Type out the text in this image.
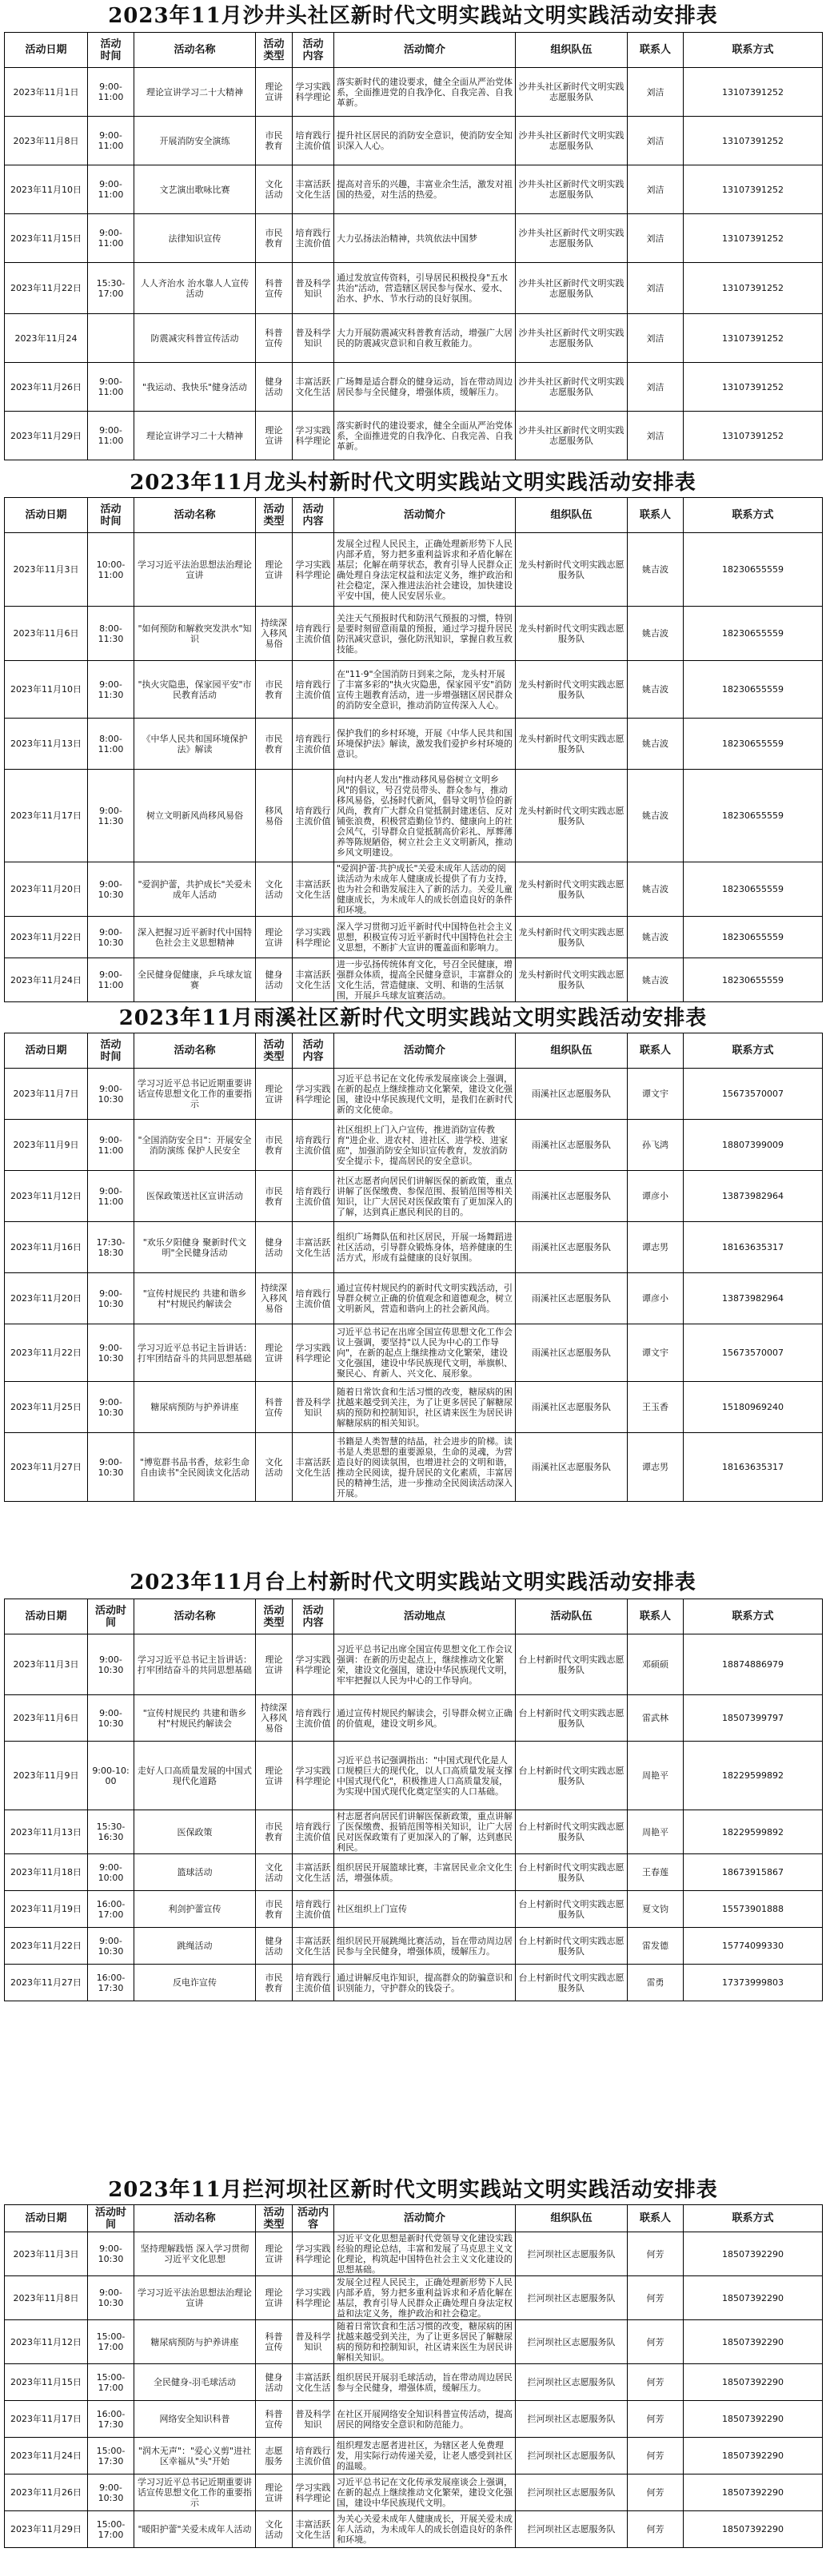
2023年11月沙井头社区新时代文明实践站文明实践活动安排表
活动日期	活动
时间	活动名称	活动
类型	活动
内容	活动简介	组织队伍	联系人	联系方式
2023年11月1日	9:00-
11:00	理论宣讲学习二十大精神	理论
宣讲	学习实践科学理论	落实新时代的建设要求，健全全面从严治党体系，全面推进党的自我净化、自我完善、自我革新。	沙井头社区新时代文明实践志愿服务队	刘洁	13107391252
2023年11月8日	9:00-
11:00	开展消防安全演练	市民
教育	培育践行主流价值	提升社区居民的消防安全意识，使消防安全知识深入人心。	沙井头社区新时代文明实践志愿服务队	刘洁	13107391252
2023年11月10日	9:00-
11:00	文艺演出歌咏比赛	文化
活动	丰富活跃文化生活	提高对音乐的兴趣，丰富业余生活，激发对祖国的热爱，对生活的热爱。	沙井头社区新时代文明实践志愿服务队	刘洁	13107391252
2023年11月15日	9:00-
11:00	法律知识宣传	市民
教育	培育践行主流价值	大力弘扬法治精神，共筑依法中国梦	沙井头社区新时代文明实践志愿服务队	刘洁	13107391252
2023年11月22日	15:30-
17:00	人人齐治水 治水靠人人宣传活动	科普
宣传	普及科学知识	通过发放宣传资料，引导居民积极投身"五水共治"活动，营造辖区居民参与保水、爱水、治水、护水、节水行动的良好氛围。	沙井头社区新时代文明实践志愿服务队	刘洁	13107391252
2023年11月24		防震减灾科普宣传活动	科普
宣传	普及科学知识	大力开展防震减灾科普教育活动，增强广大居民的防震减灾意识和自救互救能力。	沙井头社区新时代文明实践志愿服务队	刘洁	13107391252
2023年11月26日	9:00-
11:00	"我运动、我快乐"健身活动	健身
活动	丰富活跃文化生活	广场舞是适合群众的健身运动，旨在带动周边居民参与全民健身，增强体质，缓解压力。	沙井头社区新时代文明实践志愿服务队	刘洁	13107391252
2023年11月29日	9:00-
11:00	理论宣讲学习二十大精神	理论
宣讲	学习实践科学理论	落实新时代的建设要求，健全全面从严治党体系，全面推进党的自我净化、自我完善、自我革新。	沙井头社区新时代文明实践志愿服务队	刘洁	13107391252
2023年11月龙头村新时代文明实践站文明实践活动安排表
活动日期	活动
时间	活动名称	活动
类型	活动
内容	活动简介	组织队伍	联系人	联系方式
2023年11月3日	10:00-
11:00	学习习近平法治思想法治理论宣讲	理论
宣讲	学习实践科学理论	发展全过程人民民主，正确处理新形势下人民内部矛盾，努力把多重利益诉求和矛盾化解在基层；化解在萌芽状态，教育引导人民群众正确处理自身法定权益和法定义务，维护政治和社会稳定，深入推进法治社会建设，加快建设平安中国，使人民安居乐业。	龙头村新时代文明实践志愿服务队	姚吉波	18230655559
2023年11月6日	8:00-
11:30	"如何预防和解救突发洪水"知识	持续深入移风易俗	培育践行主流价值	关注天气预报时代和防汛气预报的习惯，特别是要时刻留意雨量的预报，通过学习提升居民防汛减灾意识，强化防汛知识，掌握自救互救技能。	龙头村新时代文明实践志愿服务队	姚吉波	18230655559
2023年11月10日	9:00-
11:30	"执火灾隐患，保家园平安"市民教育活动	市民
教育	培育践行主流价值	在"11·9"全国消防日到来之际，龙头村开展了丰富多彩的"执火灾隐患，保家园平安"消防宣传主题教育活动，进一步增强辖区居民群众的消防安全意识，推动消防宣传深入人心。	龙头村新时代文明实践志愿服务队	姚吉波	18230655559
2023年11月13日	8:00-
11:00	《中华人民共和国环境保护法》解读	市民
教育	培育践行主流价值	保护我们的乡村环境，开展《中华人民共和国环境保护法》解读，激发我们爱护乡村环境的意识。	龙头村新时代文明实践志愿服务队	姚吉波	18230655559
2023年11月17日	9:00-
11:30	树立文明新风尚移风易俗	移风
易俗	培育践行主流价值	向村内老人发出"推动移风易俗树立文明乡风"的倡议，号召党员带头、群众参与，推动移风易俗，弘扬时代新风，倡导文明节俭的新风尚，教育广大群众自觉抵制封建迷信、反对铺张浪费，积极营造勤俭节约、健康向上的社会风气，引导群众自觉抵制高价彩礼、厚葬薄养等陈规陋俗，树立社会主义文明新风，推动乡风文明建设。	龙头村新时代文明实践志愿服务队	姚吉波	18230655559
2023年11月20日	9:00-
10:30	"爱润护蕾，共护成长"关爱未成年人活动	文化
活动	丰富活跃文化生活	"爱润护蕾·共护成长"关爱未成年人活动的阅读活动为未成年人健康成长提供了有力支持，也为社会和谐发展注入了新的活力。关爱儿童健康成长，为未成年人的成长创造良好的条件和环境。	龙头村新时代文明实践志愿服务队	姚吉波	18230655559
2023年11月22日	9:00-
10:30	深入把握习近平新时代中国特色社会主义思想精神	理论
宣讲	学习实践科学理论	深入学习贯彻习近平新时代中国特色社会主义思想，积极宣传习近平新时代中国特色社会主义思想，不断扩大宣讲的覆盖面和影响力。	龙头村新时代文明实践志愿服务队	姚吉波	18230655559
2023年11月24日	9:00-
11:00	全民健身促健康，乒乓球友谊赛	健身
活动	丰富活跃文化生活	进一步弘扬传统体育文化，号召全民健康，增强群众体质，提高全民健身意识，丰富群众的文化生活，营造健康、文明、和谐的生活氛围，开展乒乓球友谊赛活动。	龙头村新时代文明实践志愿服务队	姚吉波	18230655559
2023年11月雨溪社区新时代文明实践站文明实践活动安排表
活动日期	活动
时间	活动名称	活动
类型	活动
内容	活动简介	组织队伍	联系人	联系方式
2023年11月7日	9:00-
10:30	学习习近平总书记近期重要讲话宣传思想文化工作的重要指示	理论
宣讲	学习实践科学理论	习近平总书记在文化传承发展座谈会上强调，在新的起点上继续推动文化繁荣，建设文化强国，建设中华民族现代文明，是我们在新时代新的文化使命。	雨溪社区志愿服务队	谭文宇	15673570007
2023年11月9日	9:00-
11:00	"全国消防安全日"：开展安全消防演练 保护人民安全	市民
教育	培育践行主流价值	社区组织上门入户宣传，推进消防宣传教育"进企业、进农村、进社区、进学校、进家庭"，加强消防安全知识宣传教育，发放消防安全提示卡，提高居民的安全意识。	雨溪社区志愿服务队	孙飞鸿	18807399009
2023年11月12日	9:00-
11:00	医保政策送社区宣讲活动	市民
教育	培育践行主流价值	社区志愿者向居民们讲解医保的新政策，重点讲解了医保缴费、参保范围、报销范围等相关知识，让广大居民对医保政策有了更加深入的了解，达到真正惠民利民的目的。	雨溪社区志愿服务队	谭彦小	13873982964
2023年11月16日	17:30-
18:30	"欢乐夕阳健身 聚新时代文明"全民健身活动	健身
活动	丰富活跃文化生活	组织广场舞队伍和社区居民，开展一场舞蹈进社区活动，引导群众锻炼身体，培养健康的生活方式，形成有益健康的良好氛围。	雨溪社区志愿服务队	谭志男	18163635317
2023年11月20日	9:00-
10:30	"宣传村规民约 共建和谐乡村"村规民约解读会	持续深入移风易俗	培育践行主流价值	通过宣传村规民约的新时代文明实践活动，引导群众树立正确的价值观念和道德观念，树立文明新风，营造和谐向上的社会新风尚。	雨溪社区志愿服务队	谭彦小	13873982964
2023年11月22日	9:00-
10:30	学习习近平总书记主旨讲话：打牢团结奋斗的共同思想基础	理论
宣讲	学习实践科学理论	习近平总书记在出席全国宣传思想文化工作会议上强调，要坚持"以人民为中心的工作导向"，在新的起点上继续推动文化繁荣，建设文化强国，建设中华民族现代文明，举旗帜、聚民心、育新人、兴文化、展形象。	雨溪社区志愿服务队	谭文宇	15673570007
2023年11月25日	9:00-
10:30	糖尿病预防与护养讲座	科普
宣传	普及科学知识	随着日常饮食和生活习惯的改变，糖尿病的困扰越来越受到关注，为了让更多居民了解糖尿病的预防和控制知识，社区请来医生为居民讲解糖尿病的相关知识。	雨溪社区志愿服务队	王玉香	15180969240
2023年11月27日	9:00-
10:30	"博览群书品书香，炫彩生命自由读书"全民阅读文化活动	文化
活动	丰富活跃文化生活	书籍是人类智慧的结晶，社会进步的阶梯。读书是人类思想的重要源泉，生命的灵魂，为营造良好的阅读氛围，也增进社会的文明和谐，推动全民阅读，提升居民的文化素质，丰富居民的精神生活，进一步推动全民阅读活动深入开展。	雨溪社区志愿服务队	谭志男	18163635317
2023年11月台上村新时代文明实践站文明实践活动安排表
活动日期	活动时间	活动名称	活动
类型	活动
内容	活动地点	活动队伍	联系人	联系方式
2023年11月3日	9:00-
10:30	学习习近平总书记主旨讲话：打牢团结奋斗的共同思想基础	理论
宣讲	学习实践科学理论	习近平总书记出席全国宣传思想文化工作会议强调：在新的历史起点上，继续推动文化繁荣，建设文化强国，建设中华民族现代文明，牢牢把握以人民为中心的工作导向。	台上村新时代文明实践志愿服务队	邓硕硕	18874886979
2023年11月6日	9:00-
10:30	"宣传村规民约 共建和谐乡村"村规民约解读会	持续深入移风易俗	培育践行主流价值	通过宣传村规民约解读会，引导群众树立正确的价值观，建设文明乡风。	台上村新时代文明实践志愿服务队	雷武林	18507399797
2023年11月9日	9:00-10:00	走好人口高质量发展的中国式现代化道路	理论
宣讲	学习实践科学理论	习近平总书记强调指出："中国式现代化是人口规模巨大的现代化，以人口高质量发展支撑中国式现代化"，积极推进人口高质量发展，为实现中国式现代化奠定坚实的人口基础。	台上村新时代文明实践志愿服务队	周艳平	18229599892
2023年11月13日	15:30-
16:30	医保政策	市民
教育	培育践行主流价值	村志愿者向居民们讲解医保新政策，重点讲解了医保缴费、报销范围等相关知识，让广大居民对医保政策有了更加深入的了解，达到惠民利民。	台上村新时代文明实践志愿服务队	周艳平	18229599892
2023年11月18日	9:00-
10:00	篮球活动	文化
活动	丰富活跃文化生活	组织居民开展篮球比赛，丰富居民业余文化生活，增强体质。	台上村新时代文明实践志愿服务队	王春莲	18673915867
2023年11月19日	16:00-
17:00	利剑护蕾宣传	市民
教育	培育践行主流价值	社区组织上门宣传	台上村新时代文明实践志愿服务队	夏文钧	15573901888
2023年11月22日	9:00-
10:30	跳绳活动	健身
活动	丰富活跃文化生活	组织居民开展跳绳比赛活动，旨在带动周边居民参与全民健身，增强体质，缓解压力。	台上村新时代文明实践志愿服务队	雷发德	15774099330
2023年11月27日	16:00-
17:30	反电诈宣传	市民
教育	培育践行主流价值	通过讲解反电诈知识，提高群众的防骗意识和识别能力，守护群众的钱袋子。	台上村新时代文明实践志愿服务队	雷勇	17373999803
2023年11月拦河坝社区新时代文明实践站文明实践活动安排表
活动日期	活动时间	活动名称	活动
类型	活动内容	活动简介	组织队伍	联系人	联系方式
2023年11月3日	9:00-
10:30	坚持理解践悟 深入学习贯彻习近平文化思想	理论
宣讲	学习实践科学理论	习近平文化思想是新时代党领导文化建设实践经验的理论总结，丰富和发展了马克思主义文化理论，构筑起中国特色社会主义文化建设的思想基础。	拦河坝社区志愿服务队	何芳	18507392290
2023年11月8日	9:00-
10:30	学习习近平法治思想法治理论宣讲	理论
宣讲	学习实践科学理论	发展全过程人民民主，正确处理新形势下人民内部矛盾，努力把多重利益诉求和矛盾化解在基层，教育引导人民群众正确处理自身法定权益和法定义务，维护政治和社会稳定。	拦河坝社区志愿服务队	何芳	18507392290
2023年11月12日	15:00-
17:00	糖尿病预防与护养讲座	科普
宣传	普及科学知识	随着日常饮食和生活习惯的改变，糖尿病的困扰越来越受到关注，为了让更多居民了解糖尿病的预防和控制知识，社区请来医生为居民讲解相关知识。	拦河坝社区志愿服务队	何芳	18507392290
2023年11月15日	15:00-
17:00	全民健身-羽毛球活动	健身
活动	丰富活跃文化生活	组织居民开展羽毛球活动，旨在带动周边居民参与全民健身，增强体质，缓解压力。	拦河坝社区志愿服务队	何芳	18507392290
2023年11月17日	16:00-
17:30	网络安全知识科普	科普
宣传	普及科学知识	在社区开展网络安全知识科普宣传活动，提高居民的网络安全意识和防范能力。	拦河坝社区志愿服务队	何芳	18507392290
2023年11月24日	15:00-
17:30	"润木无声"："爱心义剪"进社区幸福从"头"开始	志愿
服务	培育践行主流价值	组织理发志愿者进社区，为辖区老人免费理发，用实际行动传递关爱，让老人感受到社区的温暖。	拦河坝社区志愿服务队	何芳	18507392290
2023年11月26日	9:00-
10:30	学习习近平总书记近期重要讲话宣传思想文化工作的重要指示	理论
宣讲	学习实践科学理论	习近平总书记在文化传承发展座谈会上强调，在新的起点上继续推动文化繁荣，建设文化强国，建设中华民族现代文明。	拦河坝社区志愿服务队	何芳	18507392290
2023年11月29日	15:00-
17:00	"暖阳护蕾"关爱未成年人活动	文化
活动	丰富活跃文化生活	为关心关爱未成年人健康成长，开展关爱未成年人活动，为未成年人的成长创造良好的条件和环境。	拦河坝社区志愿服务队	何芳	18507392290
